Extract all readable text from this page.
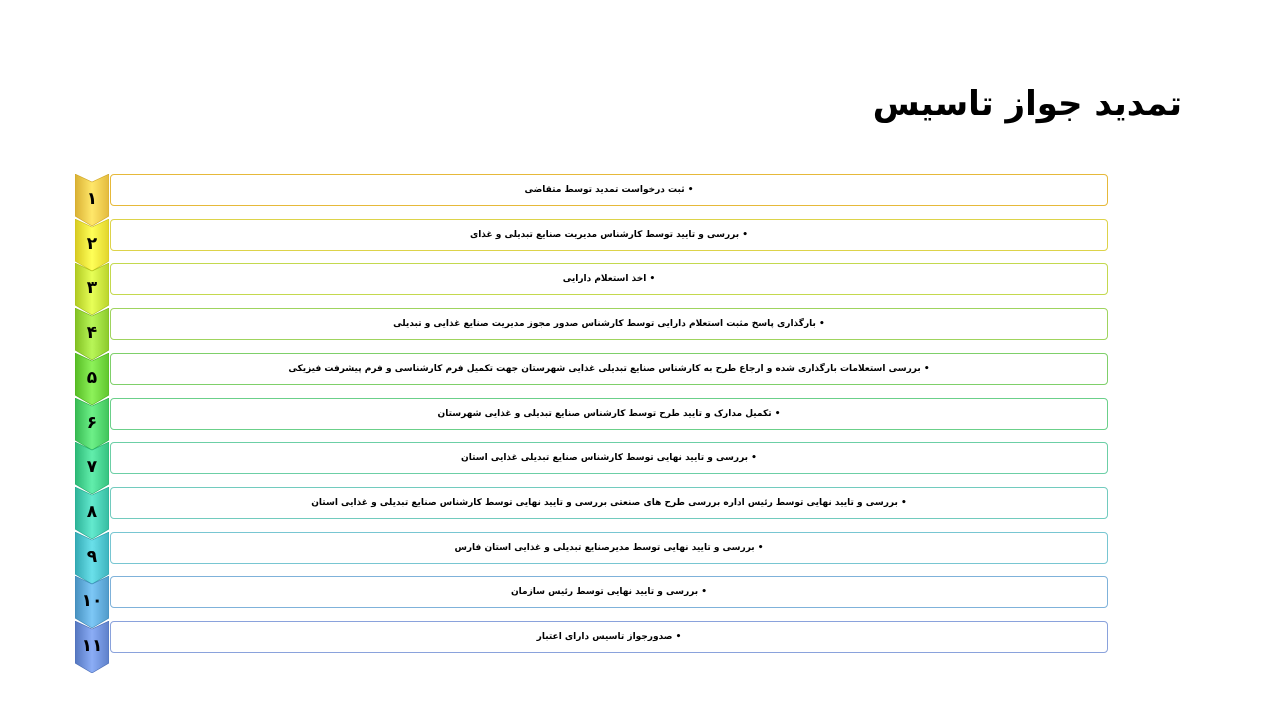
تمدید جواز تاسیس
۱	• ثبت درخواست تمدید توسط متقاضی
۲	• بررسی و تایید توسط کارشناس مدیریت صنایع تبدیلی و غذای
۳	• اخذ استعلام دارایی
۴	• بارگذاری پاسخ مثبت استعلام دارایی توسط کارشناس صدور مجوز مدیریت صنایع غذایی و تبدیلی
۵	• بررسی استعلامات بارگذاری شده و ارجاع طرح به کارشناس صنایع تبدیلی غذایی شهرستان جهت تکمیل فرم کارشناسی و فرم پیشرفت فیزیکی
۶	• تکمیل مدارک و تایید طرح توسط کارشناس صنایع تبدیلی و غذایی شهرستان
۷	• بررسی و تایید نهایی توسط کارشناس صنایع تبدیلی غذایی استان
۸	• بررسی و تایید نهایی توسط رئیس اداره بررسی طرح های صنعتی بررسی و تایید نهایی توسط کارشناس صنایع تبدیلی و غذایی استان
۹	• بررسی و تایید نهایی توسط مدیرصنایع تبدیلی و غذایی استان فارس
۱۰	• بررسی و تایید نهایی توسط رئیس سازمان
۱۱	• صدورجواز تاسیس دارای اعتبار
